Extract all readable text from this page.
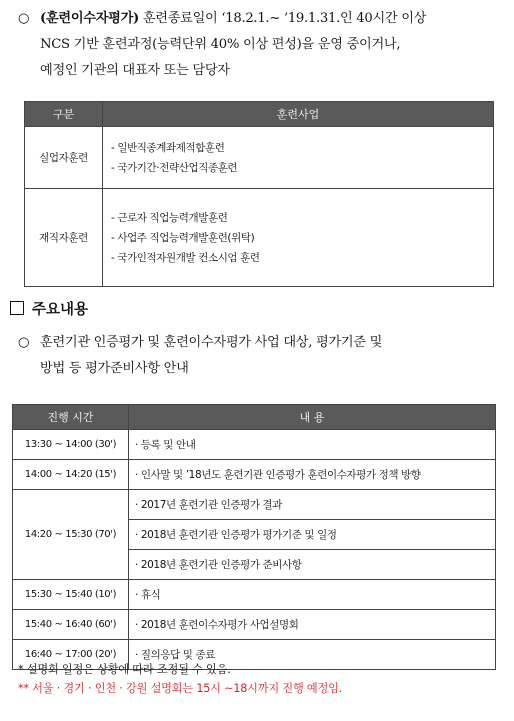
○ (훈련이수자평가) 훈련종료일이 ‘18.2.1.~ ’19.1.31.인 40시간 이상
NCS 기반 훈련과정(능력단위 40% 이상 편성)을 운영 중이거나,
예정인 기관의 대표자 또는 담당자
구분	훈련사업
실업자훈련	- 일반직종계좌제적합훈련
- 국가기간·전략산업직종훈련

재직자훈련	- 근로자 직업능력개발훈련
- 사업주 직업능력개발훈련(위탁)
- 국가인적자원개발 컨소시엄 훈련
주요내용
○ 훈련기관 인증평가 및 훈련이수자평가 사업 대상, 평가기준 및
방법 등 평가준비사항 안내
진행 시간	내 용
13:30 ~ 14:00 (30')	· 등록 및 안내
14:00 ~ 14:20 (15')	· 인사말 및 ’18년도 훈련기관 인증평가 훈련이수자평가 정책 방향
14:20 ~ 15:30 (70')	· 2017년 훈련기관 인증평가 결과
	· 2018년 훈련기관 인증평가 평가기준 및 일정
	· 2018년 훈련기관 인증평가 준비사항
15:30 ~ 15:40 (10')	· 휴식
15:40 ~ 16:40 (60')	· 2018년 훈련이수자평가 사업설명회
16:40 ~ 17:00 (20')	· 질의응답 및 종료
* 설명회 일정은 상황에 따라 조정될 수 있음.
** 서울 · 경기 · 인천 · 강원 설명회는 15시 ~18시까지 진행 예정임.
